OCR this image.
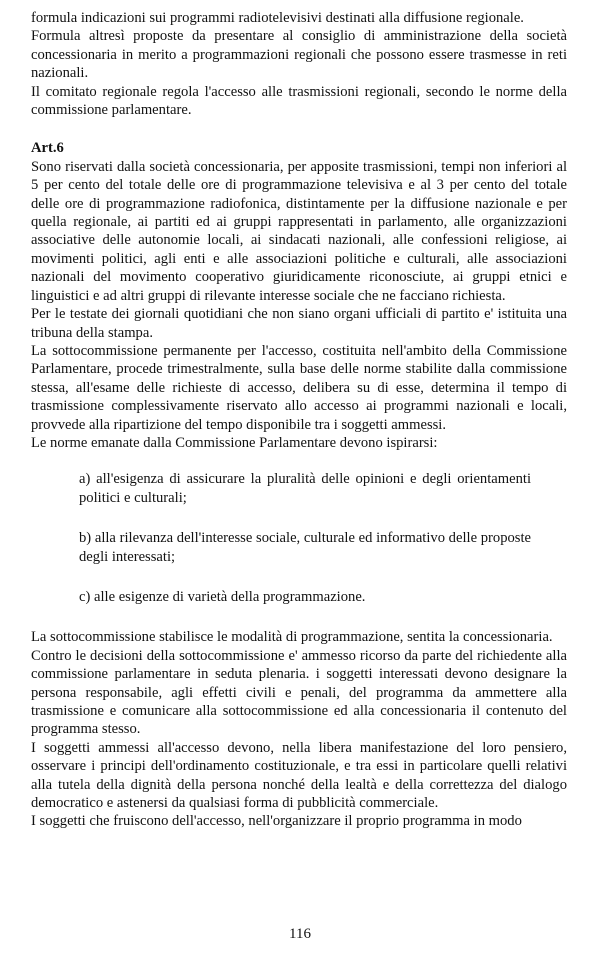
formula indicazioni sui programmi radiotelevisivi destinati alla diffusione regionale.

Formula altresì proposte da presentare al consiglio di amministrazione della società concessionaria in merito a programmazioni regionali che possono essere trasmesse in reti nazionali.

Il comitato regionale regola l'accesso alle trasmissioni regionali, secondo le norme della commissione parlamentare.

Art.6

Sono riservati dalla società concessionaria, per apposite trasmissioni, tempi non inferiori al 5 per cento del totale delle ore di programmazione televisiva e al 3 per cento del totale delle ore di programmazione radiofonica, distintamente per la diffusione nazionale e per quella regionale, ai partiti ed ai gruppi rappresentati in parlamento, alle organizzazioni associative delle autonomie locali, ai sindacati nazionali, alle confessioni religiose, ai movimenti politici, agli enti e alle associazioni politiche e culturali, alle associazioni nazionali del movimento cooperativo giuridicamente riconosciute, ai gruppi etnici e linguistici e ad altri gruppi di rilevante interesse sociale che ne facciano richiesta.

Per le testate dei giornali quotidiani che non siano organi ufficiali di partito e' istituita una tribuna della stampa.

La sottocommissione permanente per l'accesso, costituita nell'ambito della Commissione Parlamentare, procede trimestralmente, sulla base delle norme stabilite dalla commissione stessa, all'esame delle richieste di accesso, delibera su di esse, determina il tempo di trasmissione complessivamente riservato allo accesso ai programmi nazionali e locali, provvede alla ripartizione del tempo disponibile tra i soggetti ammessi.

Le norme emanate dalla Commissione Parlamentare devono ispirarsi:

a) all'esigenza di assicurare la pluralità delle opinioni e degli orientamenti politici e culturali;

b) alla rilevanza dell'interesse sociale, culturale ed informativo delle proposte degli interessati;

c) alle esigenze di varietà della programmazione.

La sottocommissione stabilisce le modalità di programmazione, sentita la concessionaria.

Contro le decisioni della sottocommissione e' ammesso ricorso da parte del richiedente alla commissione parlamentare in seduta plenaria. i soggetti interessati devono designare la persona responsabile, agli effetti civili e penali, del programma da ammettere alla trasmissione e comunicare alla sottocommissione ed alla concessionaria il contenuto del programma stesso.

I soggetti ammessi all'accesso devono, nella libera manifestazione del loro pensiero, osservare i principi dell'ordinamento costituzionale, e tra essi in particolare quelli relativi alla tutela della dignità della persona nonché della lealtà e della correttezza del dialogo democratico e astenersi da qualsiasi forma di pubblicità commerciale.

I soggetti che fruiscono dell'accesso, nell'organizzare il proprio programma in modo

116
